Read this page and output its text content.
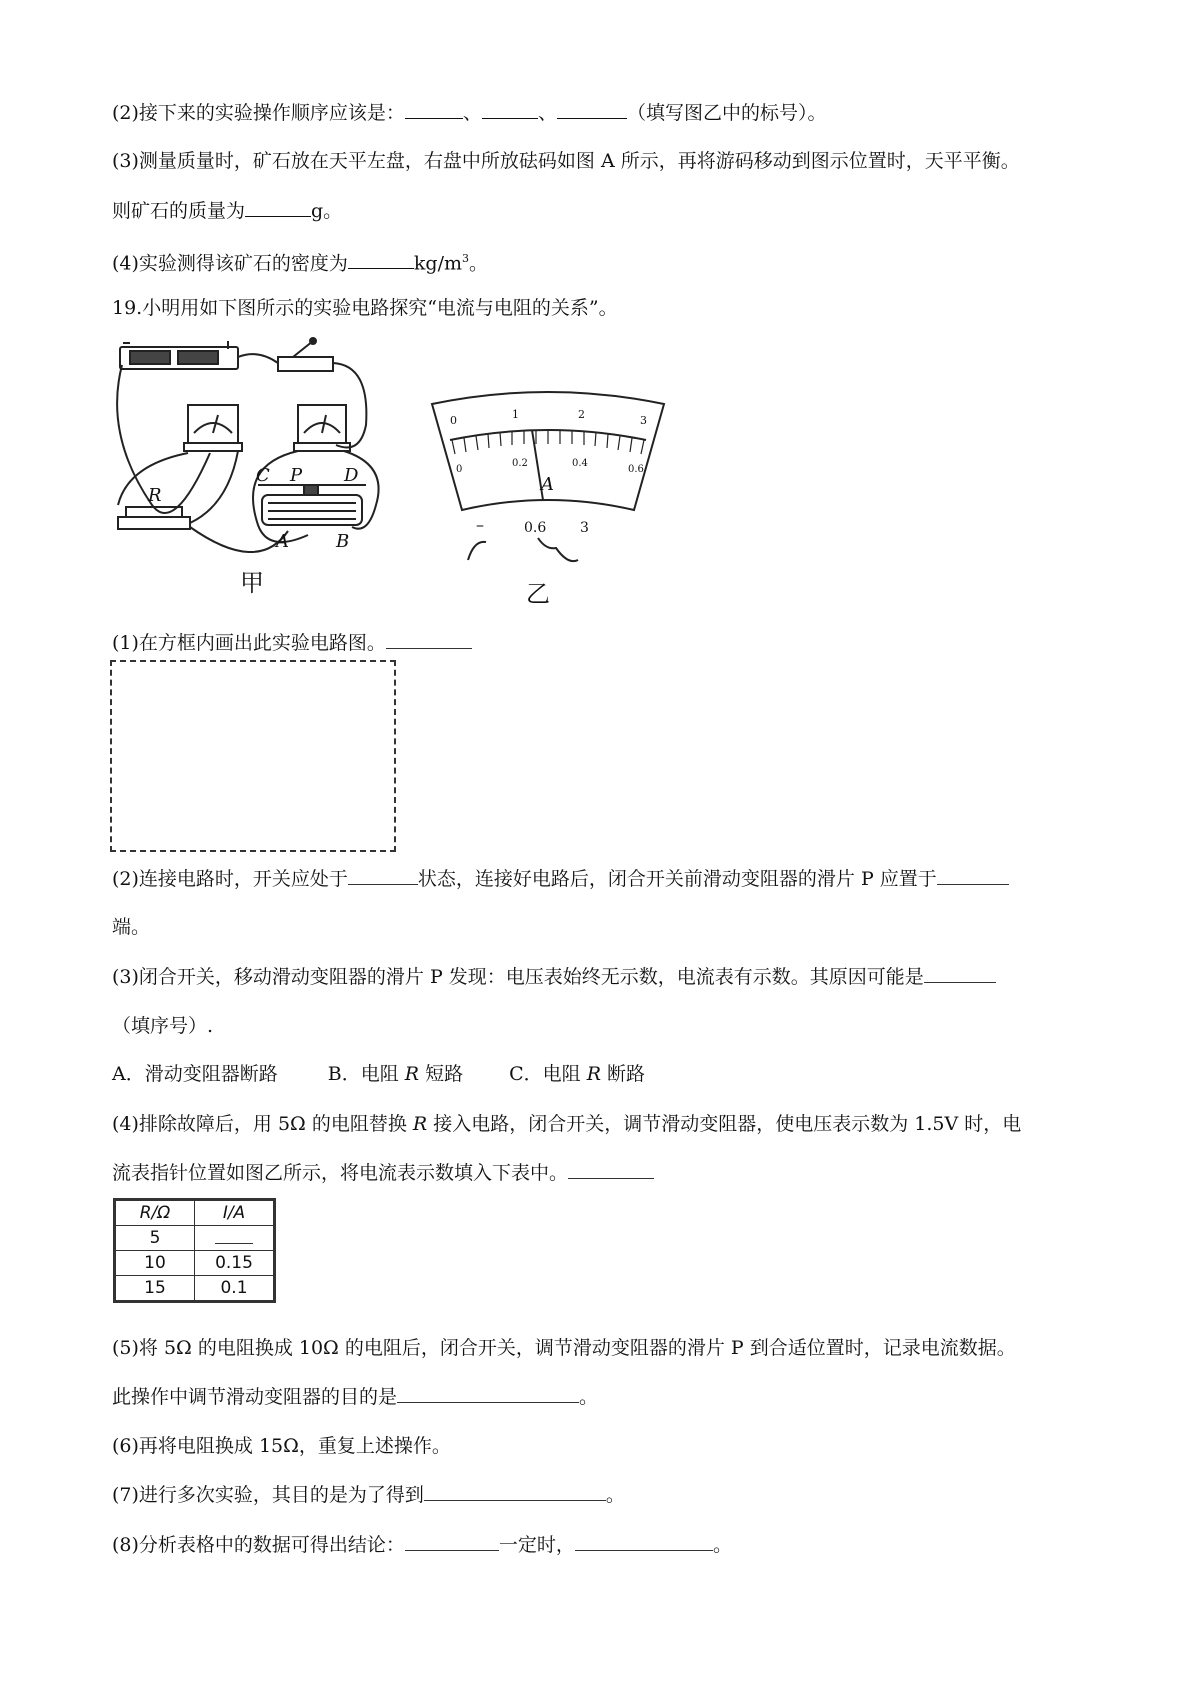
(2)接下来的实验操作顺序应该是：	、	、	（填写图乙中的标号）。
(3)测量质量时，矿石放在天平左盘，右盘中所放砝码如图 A 所示，再将游码移动到图示位置时，天平平衡。
则矿石的质量为	g。
(4)实验测得该矿石的密度为	$kg/m^3$。
19.小明用如下图所示的实验电路探究“电流与电阻的关系”。
R
C P D
A	B
甲
0	1	2	3
0
0.2	0.4
0.6
A
–	0.6 3
乙
(1)在方框内画出此实验电路图。
(2)连接电路时，开关应处于	状态，连接好电路后，闭合开关前滑动变阻器的滑片 P 应置于
端。
(3)闭合开关，移动滑动变阻器的滑片 P 发现：电压表始终无示数，电流表有示数。其原因可能是
（填序号）.
A．滑动变阻器断路	B．电阻 R 短路 C．电阻 R 断路
(4)排除故障后，用 5Ω 的电阻替换 R 接入电路，闭合开关，调节滑动变阻器，使电压表示数为 1.5V 时，电
流表指针位置如图乙所示，将电流表示数填入下表中。
R/Ω	I/A
5	
10	0.15
15	0.1
(5)将 5Ω 的电阻换成 10Ω 的电阻后，闭合开关，调节滑动变阻器的滑片 P 到合适位置时，记录电流数据。
此操作中调节滑动变阻器的目的是	。
(6)再将电阻换成 15Ω，重复上述操作。
(7)进行多次实验，其目的是为了得到	。
(8)分析表格中的数据可得出结论：	一定时，	。
